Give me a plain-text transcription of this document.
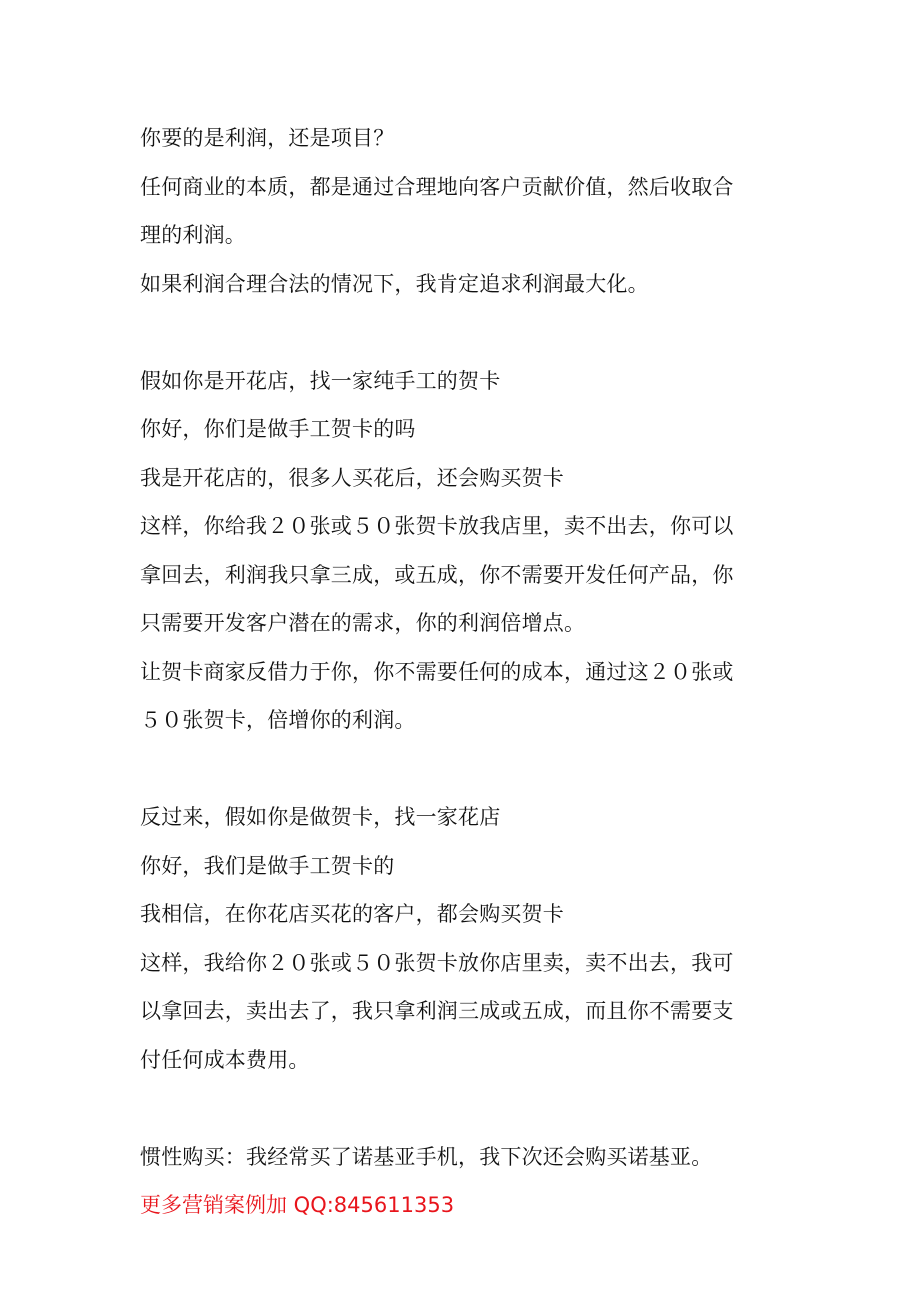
你要的是利润，还是项目？
任何商业的本质，都是通过合理地向客户贡献价值，然后收取合
理的利润。
如果利润合理合法的情况下，我肯定追求利润最大化。
假如你是开花店，找一家纯手工的贺卡
你好，你们是做手工贺卡的吗
我是开花店的，很多人买花后，还会购买贺卡
这样，你给我２０张或５０张贺卡放我店里，卖不出去，你可以
拿回去，利润我只拿三成，或五成，你不需要开发任何产品，你
只需要开发客户潜在的需求，你的利润倍增点。
让贺卡商家反借力于你，你不需要任何的成本，通过这２０张或
５０张贺卡，倍增你的利润。
反过来，假如你是做贺卡，找一家花店
你好，我们是做手工贺卡的
我相信，在你花店买花的客户，都会购买贺卡
这样，我给你２０张或５０张贺卡放你店里卖，卖不出去，我可
以拿回去，卖出去了，我只拿利润三成或五成，而且你不需要支
付任何成本费用。
惯性购买：我经常买了诺基亚手机，我下次还会购买诺基亚。
更多营销案例加 QQ:845611353
